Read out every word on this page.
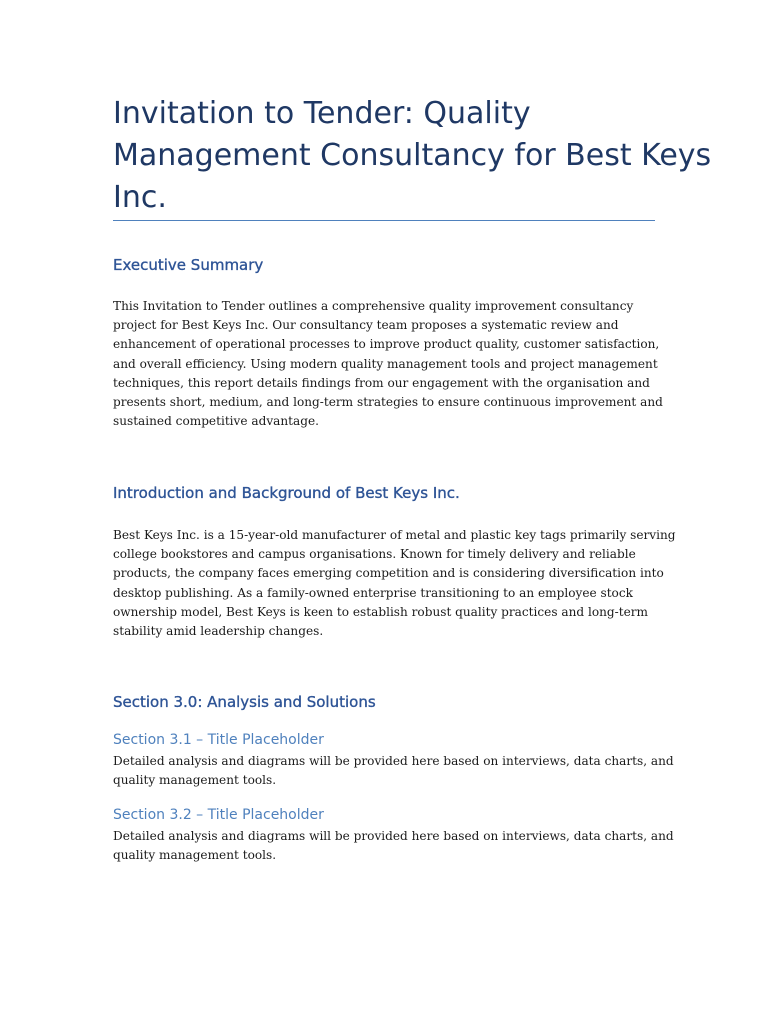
Invitation to Tender: Quality
Management Consultancy for Best Keys
Inc.
Executive Summary

This Invitation to Tender outlines a comprehensive quality improvement consultancy
project for Best Keys Inc. Our consultancy team proposes a systematic review and
enhancement of operational processes to improve product quality, customer satisfaction,
and overall efficiency. Using modern quality management tools and project management
techniques, this report details findings from our engagement with the organisation and
presents short, medium, and long-term strategies to ensure continuous improvement and
sustained competitive advantage.

Introduction and Background of Best Keys Inc.

Best Keys Inc. is a 15-year-old manufacturer of metal and plastic key tags primarily serving
college bookstores and campus organisations. Known for timely delivery and reliable
products, the company faces emerging competition and is considering diversification into
desktop publishing. As a family-owned enterprise transitioning to an employee stock
ownership model, Best Keys is keen to establish robust quality practices and long-term
stability amid leadership changes.

Section 3.0: Analysis and Solutions
Section 3.1 – Title Placeholder

Detailed analysis and diagrams will be provided here based on interviews, data charts, and
quality management tools.

Section 3.2 – Title Placeholder

Detailed analysis and diagrams will be provided here based on interviews, data charts, and
quality management tools.
